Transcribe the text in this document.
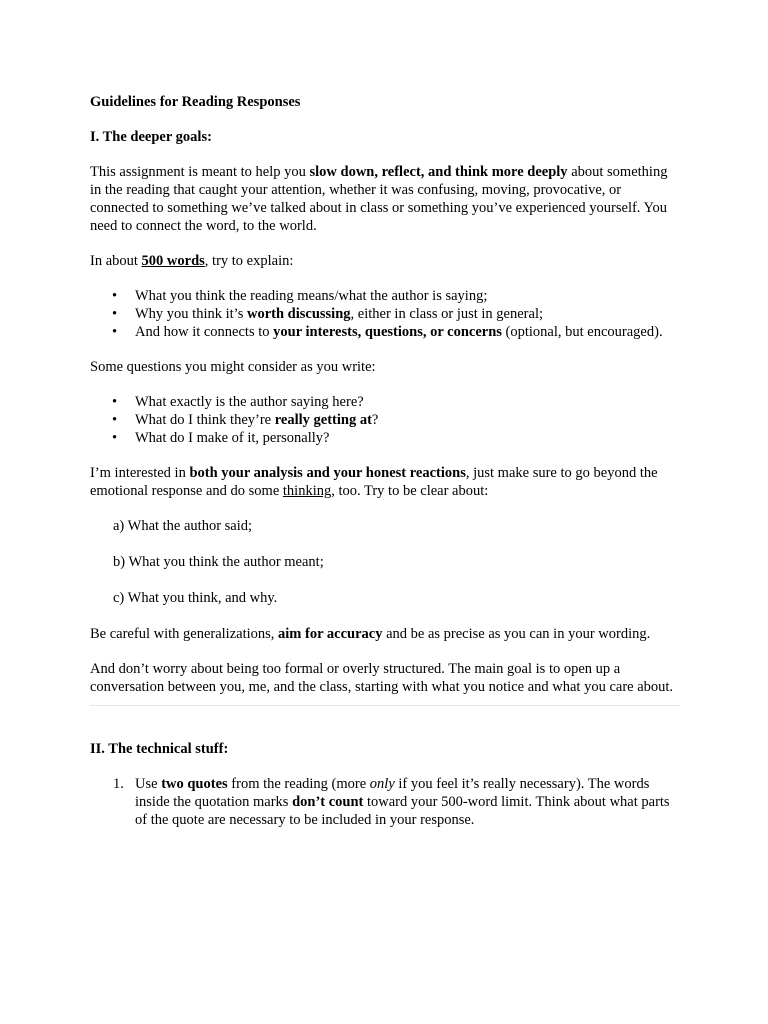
Guidelines for Reading Responses

I. The deeper goals:

This assignment is meant to help you slow down, reflect, and think more deeply about something in the reading that caught your attention, whether it was confusing, moving, provocative, or connected to something we’ve talked about in class or something you’ve experienced yourself. You need to connect the word, to the world.

In about 500 words, try to explain:

• What you think the reading means/what the author is saying;
• Why you think it’s worth discussing, either in class or just in general;
• And how it connects to your interests, questions, or concerns (optional, but encouraged).

Some questions you might consider as you write:

• What exactly is the author saying here?
• What do I think they’re really getting at?
• What do I make of it, personally?

I’m interested in both your analysis and your honest reactions, just make sure to go beyond the emotional response and do some thinking, too. Try to be clear about:

a) What the author said;

b) What you think the author meant;

c) What you think, and why.

Be careful with generalizations, aim for accuracy and be as precise as you can in your wording.

And don’t worry about being too formal or overly structured. The main goal is to open up a conversation between you, me, and the class, starting with what you notice and what you care about.

II. The technical stuff:

1. Use two quotes from the reading (more only if you feel it’s really necessary). The words inside the quotation marks don’t count toward your 500-word limit. Think about what parts of the quote are necessary to be included in your response.
